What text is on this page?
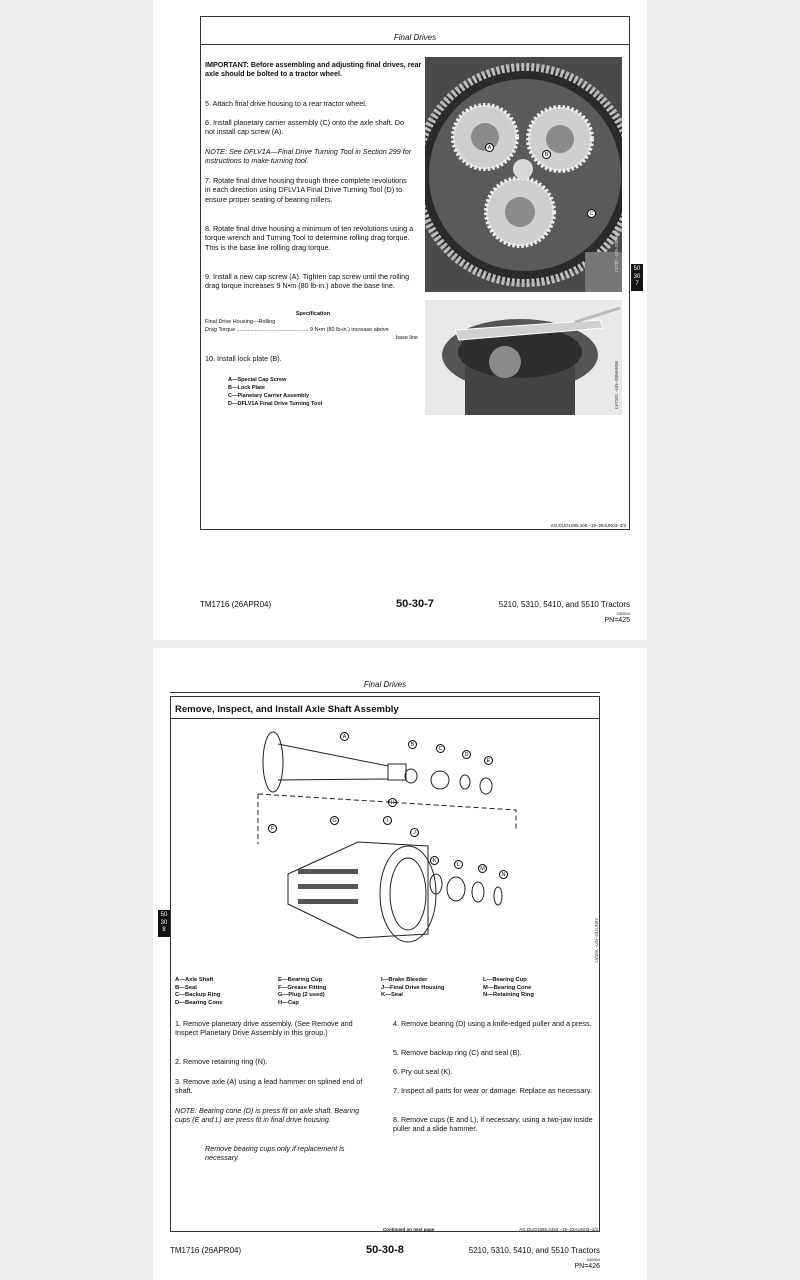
Final Drives
IMPORTANT: Before assembling and adjusting final drives, rear axle should be bolted to a tractor wheel.
5. Attach final drive housing to a rear tractor wheel.
6. Install planetary carrier assembly (C) onto the axle shaft. Do not install cap screw (A).
NOTE: See DFLV1A—Final Drive Turning Tool in Section 299 for instructions to make turning tool.
7. Rotate final drive housing through three complete revolutions in each direction using DFLV1A Final Drive Turning Tool (D) to ensure proper seating of bearing rollers.
8. Rotate final drive housing a minimum of ten revolutions using a torque wrench and Turning Tool to determine rolling drag torque. This is the base line rolling drag torque.
9. Install a new cap screw (A). Tighten cap screw until the rolling drag torque increases 9 N•m (80 lb-in.) above the base line.
Specification
Final Drive Housing—Rolling
Drag Torque ............................................... 9 N•m (80 lb-in.) increase above
base line
10. Install lock plate (B).
A—Special Cap Screw
B—Lock Plate
C—Planetary Carrier Assembly
D—DFLV1A Final Drive Turning Tool
LV7ID –UN–20MAR00
A
B
C
LV7101 –UN–20MAR00
50
30
7
AG,DUO1085,108 –19–28JUN03–3/3
TM1716 (26APR04)	50-30-7	5210, 5310, 5410, and 5510 Tractors
030504
PN=425
Final Drives
Remove, Inspect, and Install Axle Shaft Assembly
A
B
C
D
E
F
G
H
I
J
K
L
M
N
LV18A –UN–23JUN97
50
30
8
A—Axle Shaft
B—Seal
C—Backup Ring
D—Bearing Cone
E—Bearing Cup
F—Grease Fitting
G—Plug (2 used)
H—Cap
I—Brake Bleeder
J—Final Drive Housing
K—Seal
L—Bearing Cup
M—Bearing Cone
N—Retaining Ring
1. Remove planetary drive assembly. (See Remove and Inspect Planetary Drive Assembly in this group.)
2. Remove retaining ring (N).
3. Remove axle (A) using a lead hammer on splined end of shaft.
NOTE: Bearing cone (D) is press fit on axle shaft. Bearing cups (E and L) are press fit in final drive housing.
Remove bearing cups only if replacement is necessary.
4. Remove bearing (D) using a knife-edged puller and a press.
5. Remove backup ring (C) and seal (B).
6. Pry out seal (K).
7. Inspect all parts for wear or damage. Replace as necessary.
8. Remove cups (E and L), if necessary, using a two-jaw inside puller and a slide hammer.
Continued on next page	AG,DUO1085,4454 –19–22AUG03–1/2
TM1716 (26APR04)	50-30-8	5210, 5310, 5410, and 5510 Tractors
030504
PN=426
